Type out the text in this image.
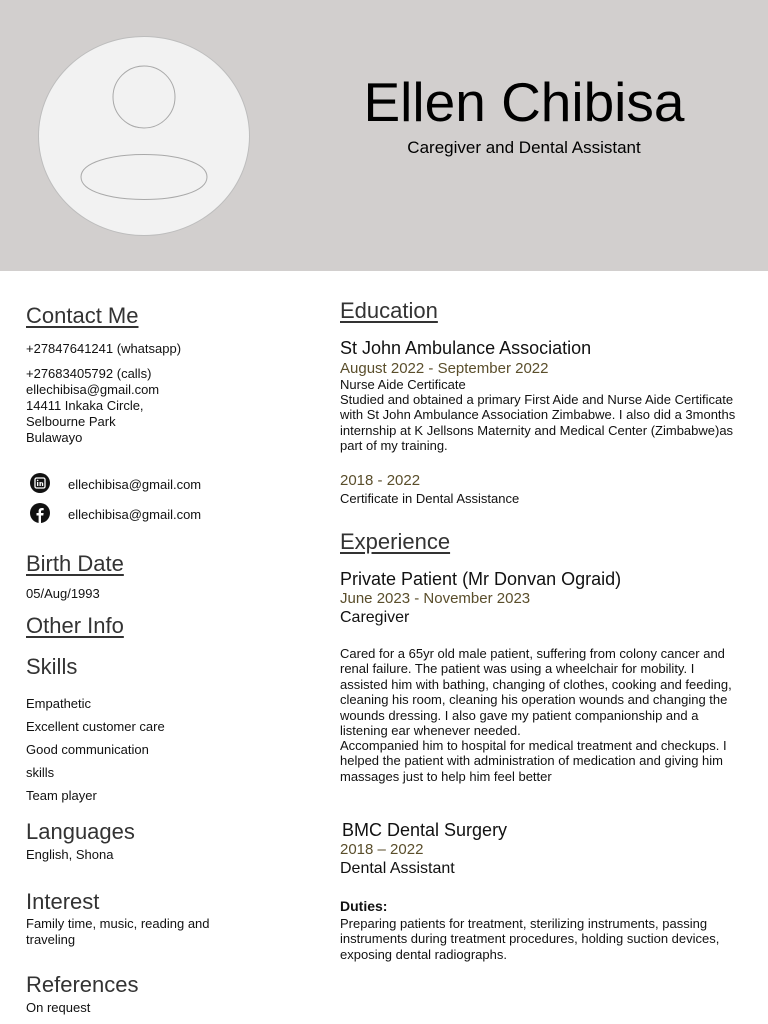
Ellen Chibisa
Caregiver and Dental Assistant
Contact Me
+27847641241 (whatsapp)
+27683405792 (calls)
ellechibisa@gmail.com
14411 Inkaka Circle,
Selbourne Park
Bulawayo
ellechibisa@gmail.com
ellechibisa@gmail.com
Birth Date
05/Aug/1993
Other Info
Skills
Empathetic
Excellent customer care
Good communication
skills
Team player
Languages
English, Shona
Interest
Family time, music, reading and
traveling
References
On request
Education
St John Ambulance Association
August 2022 - September 2022
Nurse Aide Certificate
Studied and obtained a primary First Aide and Nurse Aide Certificate with St John Ambulance Association Zimbabwe. I also did a 3months internship at K Jellsons Maternity and Medical Center (Zimbabwe)as part of my training.
2018 - 2022
Certificate in Dental Assistance
Experience
Private Patient (Mr Donvan Ograid)
June 2023 - November 2023
Caregiver
Cared for a 65yr old male patient, suffering from colony cancer and renal failure. The patient was using a wheelchair for mobility. I assisted him with bathing, changing of clothes, cooking and feeding, cleaning his room, cleaning his operation wounds and changing the wounds dressing. I also gave my patient companionship and a listening ear whenever needed.
Accompanied him to hospital for medical treatment and checkups. I helped the patient with administration of medication and giving him massages just to help him feel better
BMC Dental Surgery
2018 – 2022
Dental Assistant
Duties:
Preparing patients for treatment, sterilizing instruments, passing instruments during treatment procedures, holding suction devices, exposing dental radiographs.
